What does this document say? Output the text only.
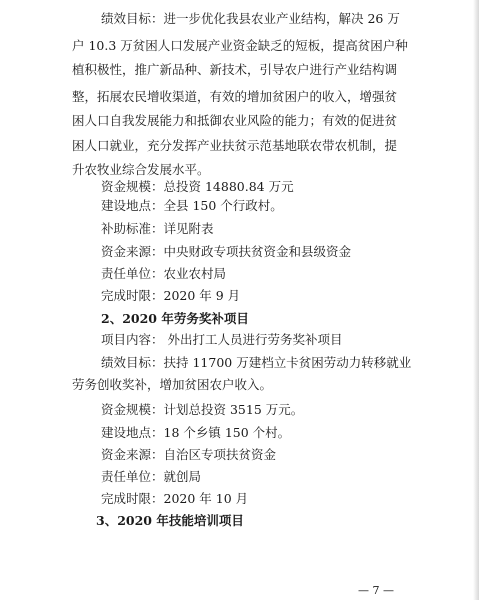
绩效目标：进一步优化我县农业产业结构，解决 26 万
户 10.3 万贫困人口发展产业资金缺乏的短板，提高贫困户种
植积极性，推广新品种、新技术，引导农户进行产业结构调
整，拓展农民增收渠道，有效的增加贫困户的收入，增强贫
困人口自我发展能力和抵御农业风险的能力；有效的促进贫
困人口就业，充分发挥产业扶贫示范基地联农带农机制，提
升农牧业综合发展水平。
资金规模：总投资 14880.84 万元
建设地点：全县 150 个行政村。
补助标准：详见附表
资金来源：中央财政专项扶贫资金和县级资金
责任单位：农业农村局
完成时限：2020 年 9 月
2、2020 年劳务奖补项目
项目内容： 外出打工人员进行劳务奖补项目
绩效目标：扶持 11700 万建档立卡贫困劳动力转移就业
劳务创收奖补，增加贫困农户收入。
资金规模：计划总投资 3515 万元。
建设地点：18 个乡镇 150 个村。
资金来源：自治区专项扶贫资金
责任单位：就创局
完成时限：2020 年 10 月
3、2020 年技能培训项目
— 7 —
